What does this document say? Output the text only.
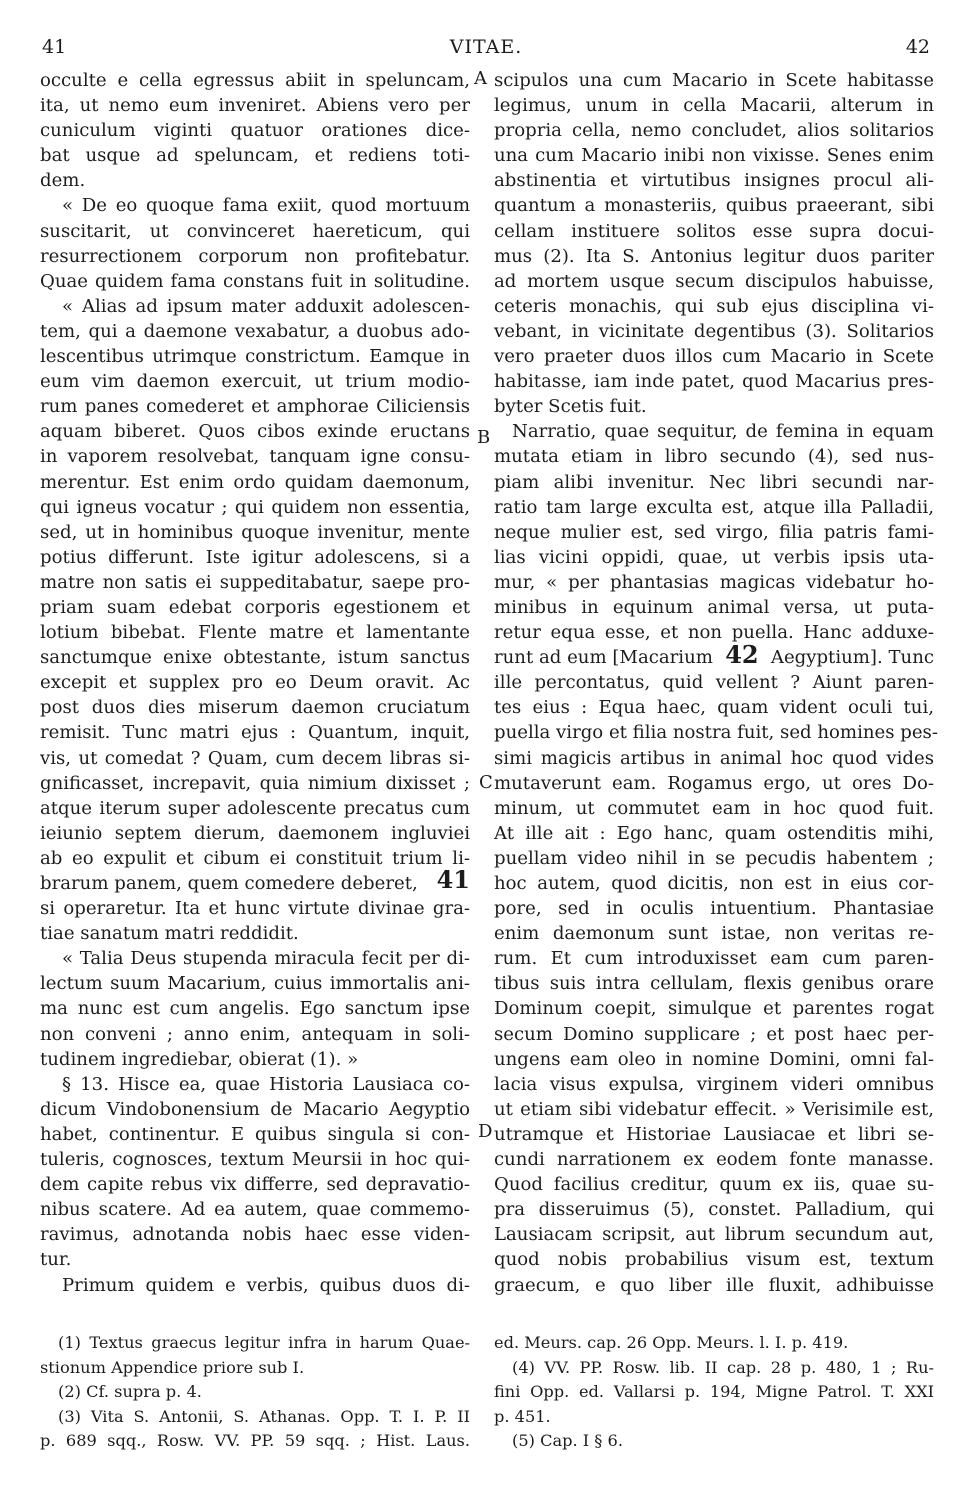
41	VITAE.	42
A
B
C
D
occulte e cella egressus abiit in speluncam,
ita, ut nemo eum inveniret. Abiens vero per
cuniculum viginti quatuor orationes dice-
bat usque ad speluncam, et rediens toti-
dem.
« De eo quoque fama exiit, quod mortuum
suscitarit, ut convinceret haereticum, qui
resurrectionem corporum non profitebatur.
Quae quidem fama constans fuit in solitudine.
« Alias ad ipsum mater adduxit adolescen-
tem, qui a daemone vexabatur, a duobus ado-
lescentibus utrimque constrictum. Eamque in
eum vim daemon exercuit, ut trium modio-
rum panes comederet et amphorae Ciliciensis
aquam biberet. Quos cibos exinde eructans
in vaporem resolvebat, tanquam igne consu-
merentur. Est enim ordo quidam daemonum,
qui igneus vocatur ; qui quidem non essentia,
sed, ut in hominibus quoque invenitur, mente
potius differunt. Iste igitur adolescens, si a
matre non satis ei suppeditabatur, saepe pro-
priam suam edebat corporis egestionem et
lotium bibebat. Flente matre et lamentante
sanctumque enixe obtestante, istum sanctus
excepit et supplex pro eo Deum oravit. Ac
post duos dies miserum daemon cruciatum
remisit. Tunc matri ejus : Quantum, inquit,
vis, ut comedat ? Quam, cum decem libras si-
gnificasset, increpavit, quia nimium dixisset ;
atque iterum super adolescente precatus cum
ieiunio septem dierum, daemonem ingluviei
ab eo expulit et cibum ei constituit trium li-
brarum panem, quem comedere deberet, 41
si operaretur. Ita et hunc virtute divinae gra-
tiae sanatum matri reddidit.
« Talia Deus stupenda miracula fecit per di-
lectum suum Macarium, cuius immortalis ani-
ma nunc est cum angelis. Ego sanctum ipse
non conveni ; anno enim, antequam in soli-
tudinem ingrediebar, obierat (1). »
§ 13. Hisce ea, quae Historia Lausiaca co-
dicum Vindobonensium de Macario Aegyptio
habet, continentur. E quibus singula si con-
tuleris, cognosces, textum Meursii in hoc qui-
dem capite rebus vix differre, sed depravatio-
nibus scatere. Ad ea autem, quae commemo-
ravimus, adnotanda nobis haec esse viden-
tur.
Primum quidem e verbis, quibus duos di-
scipulos una cum Macario in Scete habitasse
legimus, unum in cella Macarii, alterum in
propria cella, nemo concludet, alios solitarios
una cum Macario inibi non vixisse. Senes enim
abstinentia et virtutibus insignes procul ali-
quantum a monasteriis, quibus praeerant, sibi
cellam instituere solitos esse supra docui-
mus (2). Ita S. Antonius legitur duos pariter
ad mortem usque secum discipulos habuisse,
ceteris monachis, qui sub ejus disciplina vi-
vebant, in vicinitate degentibus (3). Solitarios
vero praeter duos illos cum Macario in Scete
habitasse, iam inde patet, quod Macarius pres-
byter Scetis fuit.
Narratio, quae sequitur, de femina in equam
mutata etiam in libro secundo (4), sed nus-
piam alibi invenitur. Nec libri secundi nar-
ratio tam large exculta est, atque illa Palladii,
neque mulier est, sed virgo, filia patris fami-
lias vicini oppidi, quae, ut verbis ipsis uta-
mur, « per phantasias magicas videbatur ho-
minibus in equinum animal versa, ut puta-
retur equa esse, et non puella. Hanc adduxe-
runt ad eum [Macarium 42 Aegyptium]. Tunc
ille percontatus, quid vellent ? Aiunt paren-
tes eius : Equa haec, quam vident oculi tui,
puella virgo et filia nostra fuit, sed homines pes-
simi magicis artibus in animal hoc quod vides
mutaverunt eam. Rogamus ergo, ut ores Do-
minum, ut commutet eam in hoc quod fuit.
At ille ait : Ego hanc, quam ostenditis mihi,
puellam video nihil in se pecudis habentem ;
hoc autem, quod dicitis, non est in eius cor-
pore, sed in oculis intuentium. Phantasiae
enim daemonum sunt istae, non veritas re-
rum. Et cum introduxisset eam cum paren-
tibus suis intra cellulam, flexis genibus orare
Dominum coepit, simulque et parentes rogat
secum Domino supplicare ; et post haec per-
ungens eam oleo in nomine Domini, omni fal-
lacia visus expulsa, virginem videri omnibus
ut etiam sibi videbatur effecit. » Verisimile est,
utramque et Historiae Lausiacae et libri se-
cundi narrationem ex eodem fonte manasse.
Quod facilius creditur, quum ex iis, quae su-
pra disseruimus (5), constet. Palladium, qui
Lausiacam scripsit, aut librum secundum aut,
quod nobis probabilius visum est, textum
graecum, e quo liber ille fluxit, adhibuisse
(1) Textus graecus legitur infra in harum Quae-
stionum Appendice priore sub I.
(2) Cf. supra p. 4.
(3) Vita S. Antonii, S. Athanas. Opp. T. I. P. II
p. 689 sqq., Rosw. VV. PP. 59 sqq. ; Hist. Laus.
ed. Meurs. cap. 26 Opp. Meurs. l. I. p. 419.
(4) VV. PP. Rosw. lib. II cap. 28 p. 480, 1 ; Ru-
fini Opp. ed. Vallarsi p. 194, Migne Patrol. T. XXI
p. 451.
(5) Cap. I § 6.
